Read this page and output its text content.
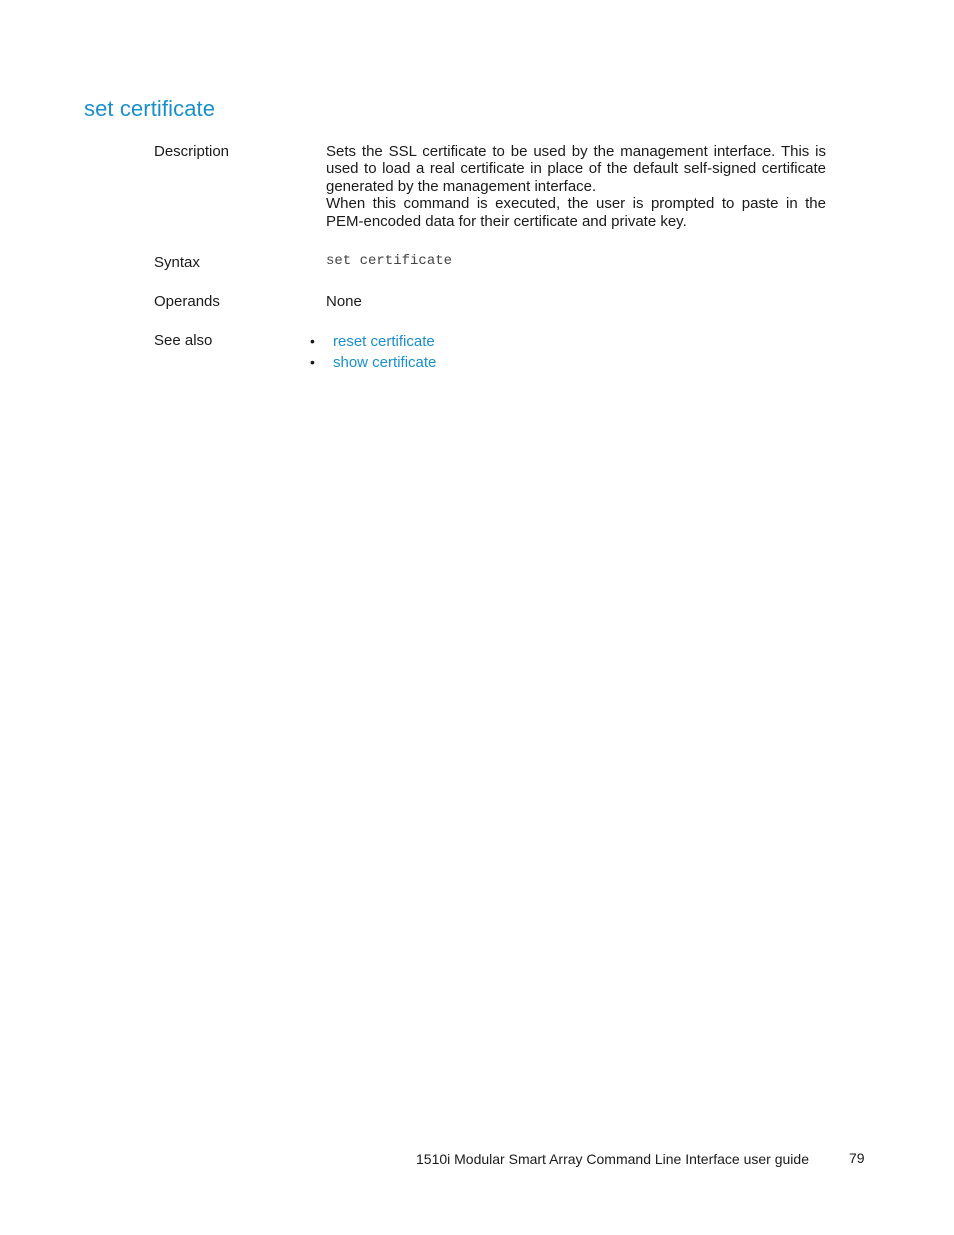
set certificate
Description	Sets the SSL certificate to be used by the management interface. This is used to load a real certificate in place of the default self-signed certificate generated by the management interface.

When this command is executed, the user is prompted to paste in the PEM-encoded data for their certificate and private key.

Syntax	set certificate
Operands	None
See also	• reset certificate
• show certificate
1510i Modular Smart Array Command Line Interface user guide	79
